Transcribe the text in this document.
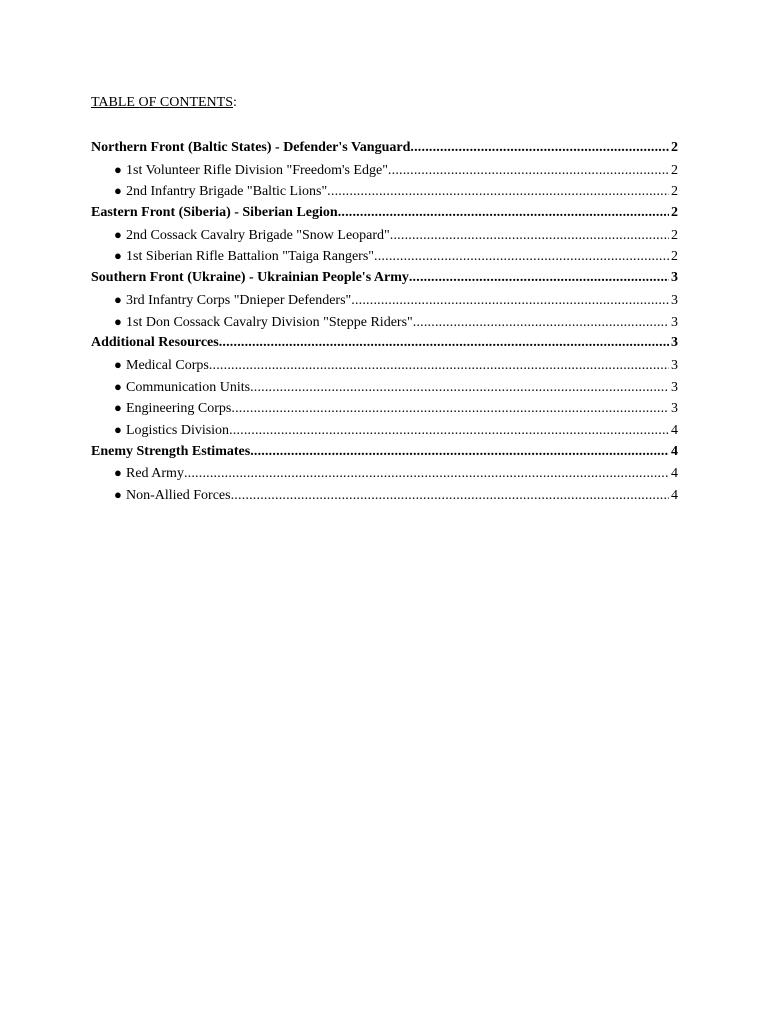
TABLE OF CONTENTS:
Northern Front (Baltic States) - Defender's Vanguard .....	2
● 1st Volunteer Rifle Division "Freedom's Edge" .....	2
● 2nd Infantry Brigade "Baltic Lions" .....	2
Eastern Front (Siberia) - Siberian Legion .....	2
● 2nd Cossack Cavalry Brigade "Snow Leopard" .....	2
● 1st Siberian Rifle Battalion "Taiga Rangers" .....	2
Southern Front (Ukraine) - Ukrainian People's Army .....	3
● 3rd Infantry Corps "Dnieper Defenders" .....	3
● 1st Don Cossack Cavalry Division "Steppe Riders" .....	3
Additional Resources .....	3
● Medical Corps .....	3
● Communication Units .....	3
● Engineering Corps .....	3
● Logistics Division .....	4
Enemy Strength Estimates .....	4
● Red Army .....	4
● Non-Allied Forces .....	4
